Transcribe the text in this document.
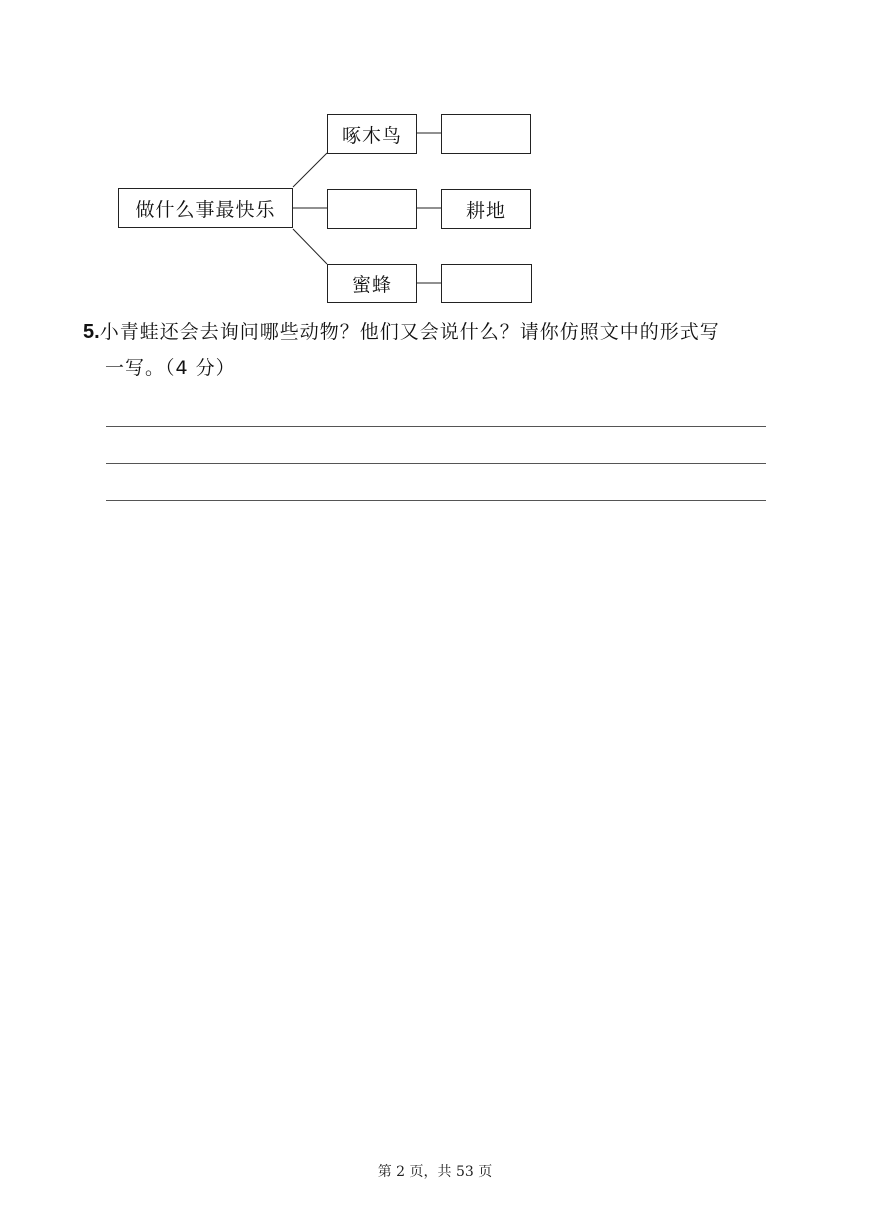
做什么事最快乐
啄木鸟
耕地
蜜蜂
5.小青蛙还会去询问哪些动物？他们又会说什么？请你仿照文中的形式写
一写。（4 分）
第 2 页，共 53 页
